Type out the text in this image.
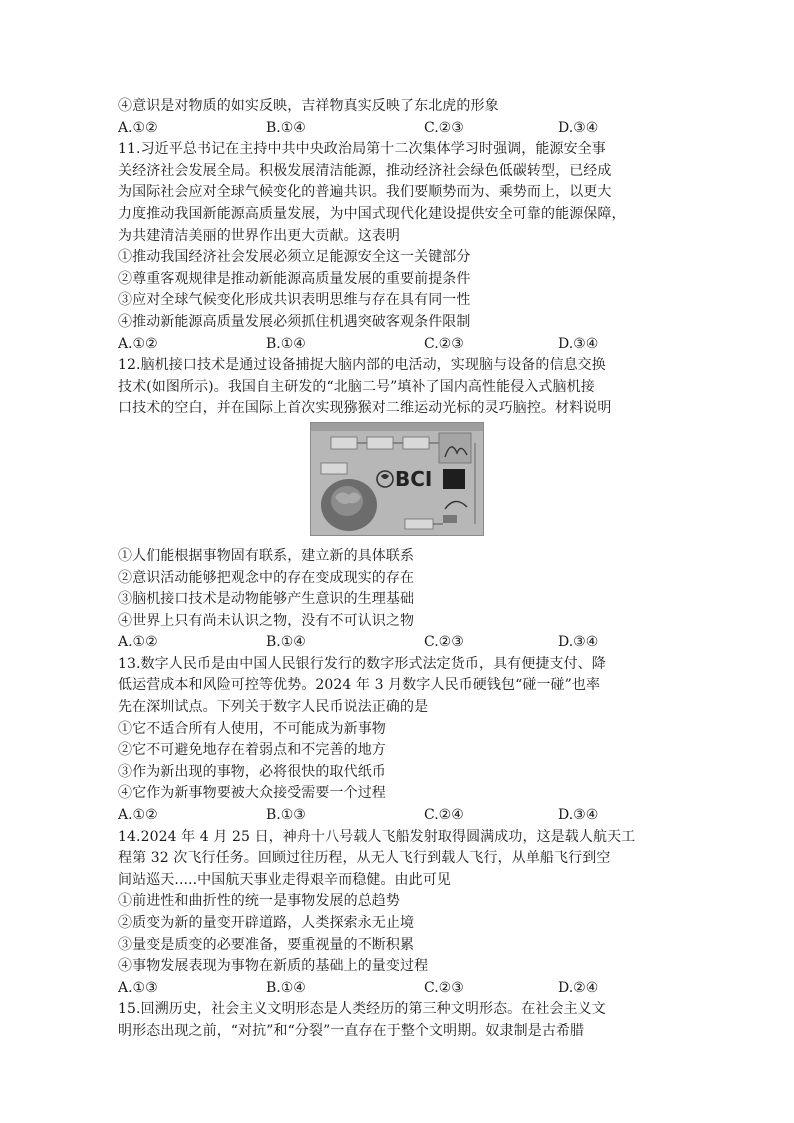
④意识是对物质的如实反映，吉祥物真实反映了东北虎的形象
A.①②	B.①④	C.②③	D.③④
11.习近平总书记在主持中共中央政治局第十二次集体学习时强调，能源安全事
关经济社会发展全局。积极发展清洁能源，推动经济社会绿色低碳转型，已经成
为国际社会应对全球气候变化的普遍共识。我们要顺势而为、乘势而上，以更大
力度推动我国新能源高质量发展，为中国式现代化建设提供安全可靠的能源保障，
为共建清洁美丽的世界作出更大贡献。这表明
①推动我国经济社会发展必须立足能源安全这一关键部分
②尊重客观规律是推动新能源高质量发展的重要前提条件
③应对全球气候变化形成共识表明思维与存在具有同一性
④推动新能源高质量发展必须抓住机遇突破客观条件限制
A.①②	B.①④	C.②③	D.③④
12.脑机接口技术是通过设备捕捉大脑内部的电活动，实现脑与设备的信息交换
技术(如图所示)。我国自主研发的“北脑二号”填补了国内高性能侵入式脑机接
口技术的空白，并在国际上首次实现猕猴对二维运动光标的灵巧脑控。材料说明
BCI
①人们能根据事物固有联系，建立新的具体联系
②意识活动能够把观念中的存在变成现实的存在
③脑机接口技术是动物能够产生意识的生理基础
④世界上只有尚未认识之物，没有不可认识之物
A.①②	B.①④	C.②③	D.③④
13.数字人民币是由中国人民银行发行的数字形式法定货币，具有便捷支付、降
低运营成本和风险可控等优势。2024 年 3 月数字人民币硬钱包“碰一碰”也率
先在深圳试点。下列关于数字人民币说法正确的是
①它不适合所有人使用，不可能成为新事物
②它不可避免地存在着弱点和不完善的地方
③作为新出现的事物，必将很快的取代纸币
④它作为新事物要被大众接受需要一个过程
A.①②	B.①③	C.②④	D.③④
14.2024 年 4 月 25 日，神舟十八号载人飞船发射取得圆满成功，这是载人航天工
程第 32 次飞行任务。回顾过往历程，从无人飞行到载人飞行，从单船飞行到空
间站巡天.....中国航天事业走得艰辛而稳健。由此可见
①前进性和曲折性的统一是事物发展的总趋势
②质变为新的量变开辟道路，人类探索永无止境
③量变是质变的必要准备，要重视量的不断积累
④事物发展表现为事物在新质的基础上的量变过程
A.①③	B.①④	C.②③	D.②④
15.回溯历史，社会主义文明形态是人类经历的第三种文明形态。在社会主义文
明形态出现之前，“对抗”和“分裂”一直存在于整个文明期。奴隶制是古希腊
